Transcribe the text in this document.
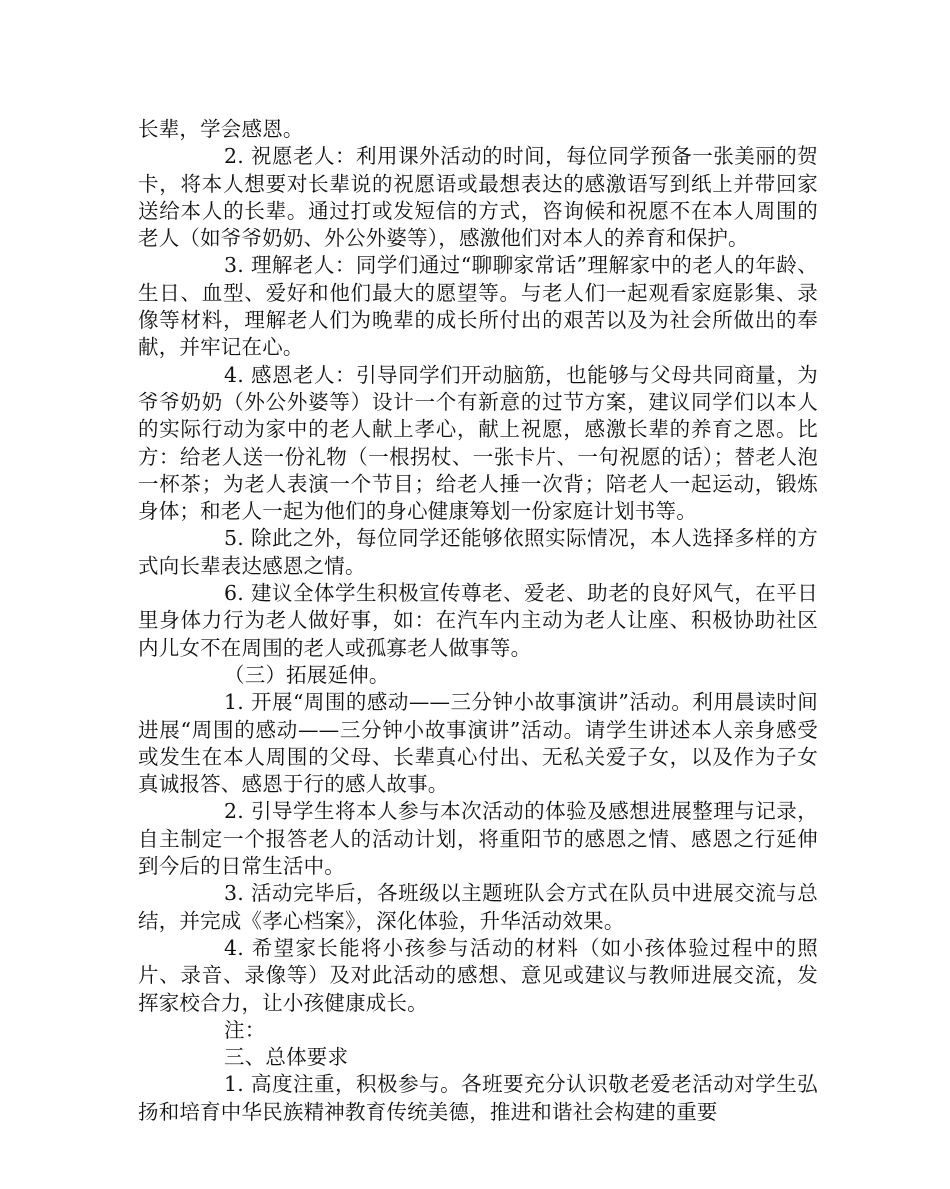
长辈，学会感恩。

2. 祝愿老人：利用课外活动的时间，每位同学预备一张美丽的贺卡，将本人想要对长辈说的祝愿语或最想表达的感激语写到纸上并带回家送给本人的长辈。通过打或发短信的方式，咨询候和祝愿不在本人周围的老人（如爷爷奶奶、外公外婆等），感激他们对本人的养育和保护。

3. 理解老人：同学们通过“聊聊家常话”理解家中的老人的年龄、生日、血型、爱好和他们最大的愿望等。与老人们一起观看家庭影集、录像等材料，理解老人们为晚辈的成长所付出的艰苦以及为社会所做出的奉献，并牢记在心。

4. 感恩老人：引导同学们开动脑筋，也能够与父母共同商量，为爷爷奶奶（外公外婆等）设计一个有新意的过节方案，建议同学们以本人的实际行动为家中的老人献上孝心，献上祝愿，感激长辈的养育之恩。比方：给老人送一份礼物（一根拐杖、一张卡片、一句祝愿的话）；替老人泡一杯茶；为老人表演一个节目；给老人捶一次背；陪老人一起运动，锻炼身体；和老人一起为他们的身心健康筹划一份家庭计划书等。

5. 除此之外，每位同学还能够依照实际情况，本人选择多样的方式向长辈表达感恩之情。

6. 建议全体学生积极宣传尊老、爱老、助老的良好风气，在平日里身体力行为老人做好事，如：在汽车内主动为老人让座、积极协助社区内儿女不在周围的老人或孤寡老人做事等。

（三）拓展延伸。

1. 开展“周围的感动——三分钟小故事演讲”活动。利用晨读时间进展“周围的感动——三分钟小故事演讲”活动。请学生讲述本人亲身感受或发生在本人周围的父母、长辈真心付出、无私关爱子女，以及作为子女真诚报答、感恩于行的感人故事。

2. 引导学生将本人参与本次活动的体验及感想进展整理与记录，自主制定一个报答老人的活动计划，将重阳节的感恩之情、感恩之行延伸到今后的日常生活中。

3. 活动完毕后，各班级以主题班队会方式在队员中进展交流与总结，并完成《孝心档案》，深化体验，升华活动效果。

4. 希望家长能将小孩参与活动的材料（如小孩体验过程中的照片、录音、录像等）及对此活动的感想、意见或建议与教师进展交流，发挥家校合力，让小孩健康成长。

注：

三、总体要求

1. 高度注重，积极参与。各班要充分认识敬老爱老活动对学生弘扬和培育中华民族精神教育传统美德，推进和谐社会构建的重要
